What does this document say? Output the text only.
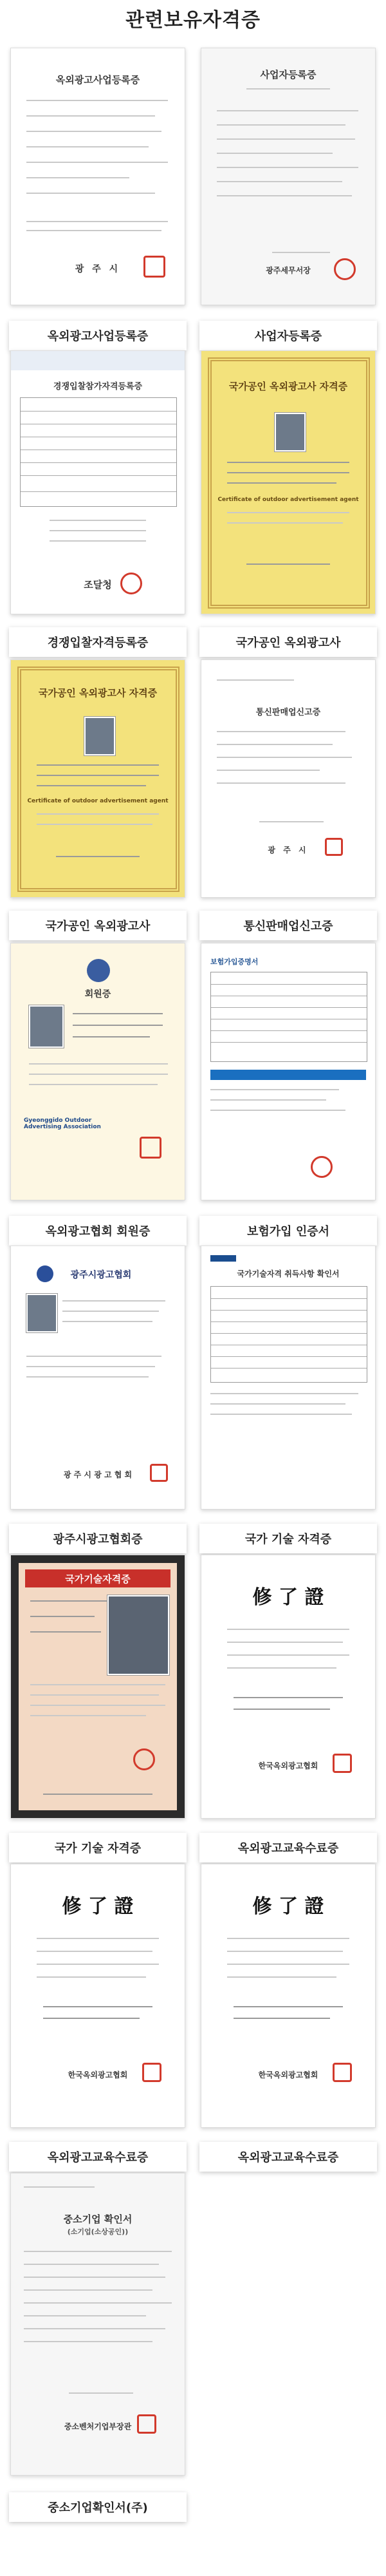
관련보유자격증
옥외광고사업등록증
광 주 시
옥외광고사업등록증
사업자등록증
광주세무서장
사업자등록증
경쟁입찰참가자격등록증
조달청
경쟁입찰자격등록증
국가공인 옥외광고사 자격증
Certificate of outdoor advertisement agent
국가공인 옥외광고사
국가공인 옥외광고사 자격증
Certificate of outdoor advertisement agent
국가공인 옥외광고사
통신판매업신고증
광 주 시
통신판매업신고증
회원증
Gyeonggido Outdoor Advertising Association
옥외광고협회 회원증
보험가입증명서
보험가입 인증서
광주시광고협회
광 주 시 광 고 협 회
광주시광고협회증
국가기술자격 취득사항 확인서
국가 기술 자격증
국가기술자격증
국가 기술 자격증
修 了 證
한국옥외광고협회
옥외광고교육수료증
修 了 證
한국옥외광고협회
옥외광고교육수료증
修 了 證
한국옥외광고협회
옥외광고교육수료증
중소기업 확인서
(소기업(소상공인))
중소벤처기업부장관
중소기업확인서(주)
